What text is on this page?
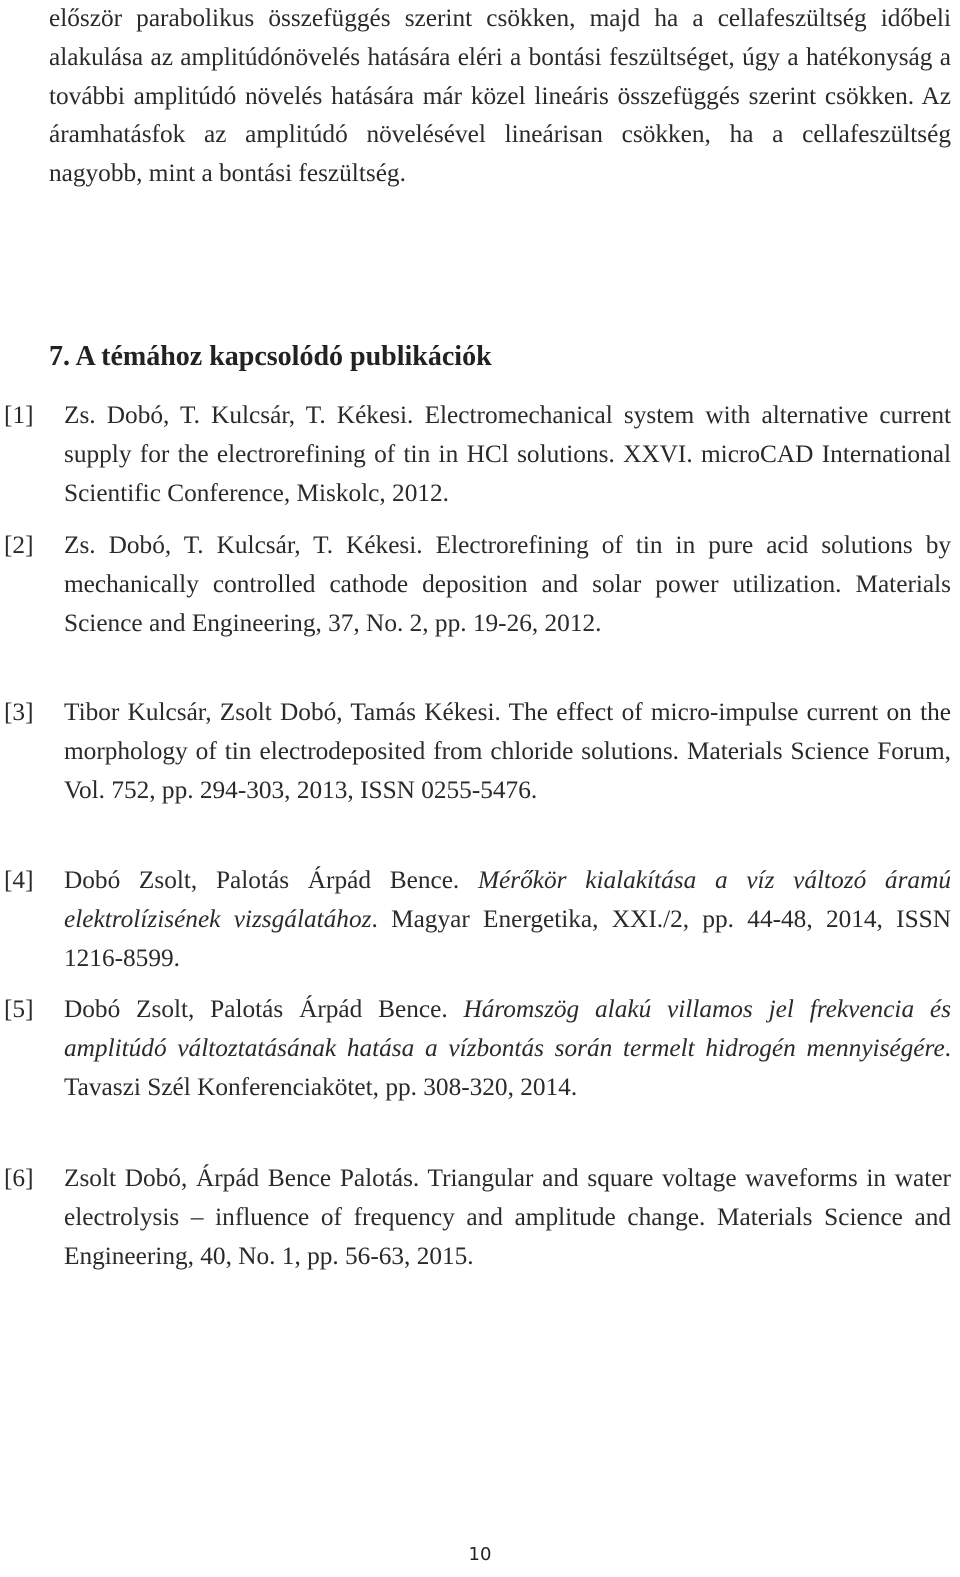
először parabolikus összefüggés szerint csökken, majd ha a cellafeszültség időbeli alakulása az amplitúdónövelés hatására eléri a bontási feszültséget, úgy a hatékonyság a további amplitúdó növelés hatására már közel lineáris összefüggés szerint csökken. Az áramhatásfok az amplitúdó növelésével lineárisan csökken, ha a cellafeszültség nagyobb, mint a bontási feszültség.

7. A témához kapcsolódó publikációk
[1]	Zs. Dobó, T. Kulcsár, T. Kékesi. Electromechanical system with alternative current supply for the electrorefining of tin in HCl solutions. XXVI. microCAD International Scientific Conference, Miskolc, 2012.
[2]	Zs. Dobó, T. Kulcsár, T. Kékesi. Electrorefining of tin in pure acid solutions by mechanically controlled cathode deposition and solar power utilization. Materials Science and Engineering, 37, No. 2, pp. 19-26, 2012.
[3]	Tibor Kulcsár, Zsolt Dobó, Tamás Kékesi. The effect of micro-impulse current on the morphology of tin electrodeposited from chloride solutions. Materials Science Forum, Vol. 752, pp. 294-303, 2013, ISSN 0255-5476.
[4]	Dobó Zsolt, Palotás Árpád Bence. Mérőkör kialakítása a víz változó áramú elektrolízisének vizsgálatához. Magyar Energetika, XXI./2, pp. 44-48, 2014, ISSN 1216-8599.
[5]	Dobó Zsolt, Palotás Árpád Bence. Háromszög alakú villamos jel frekvencia és amplitúdó változtatásának hatása a vízbontás során termelt hidrogén mennyiségére. Tavaszi Szél Konferenciakötet, pp. 308-320, 2014.
[6]	Zsolt Dobó, Árpád Bence Palotás. Triangular and square voltage waveforms in water electrolysis – influence of frequency and amplitude change. Materials Science and Engineering, 40, No. 1, pp. 56-63, 2015.
10
